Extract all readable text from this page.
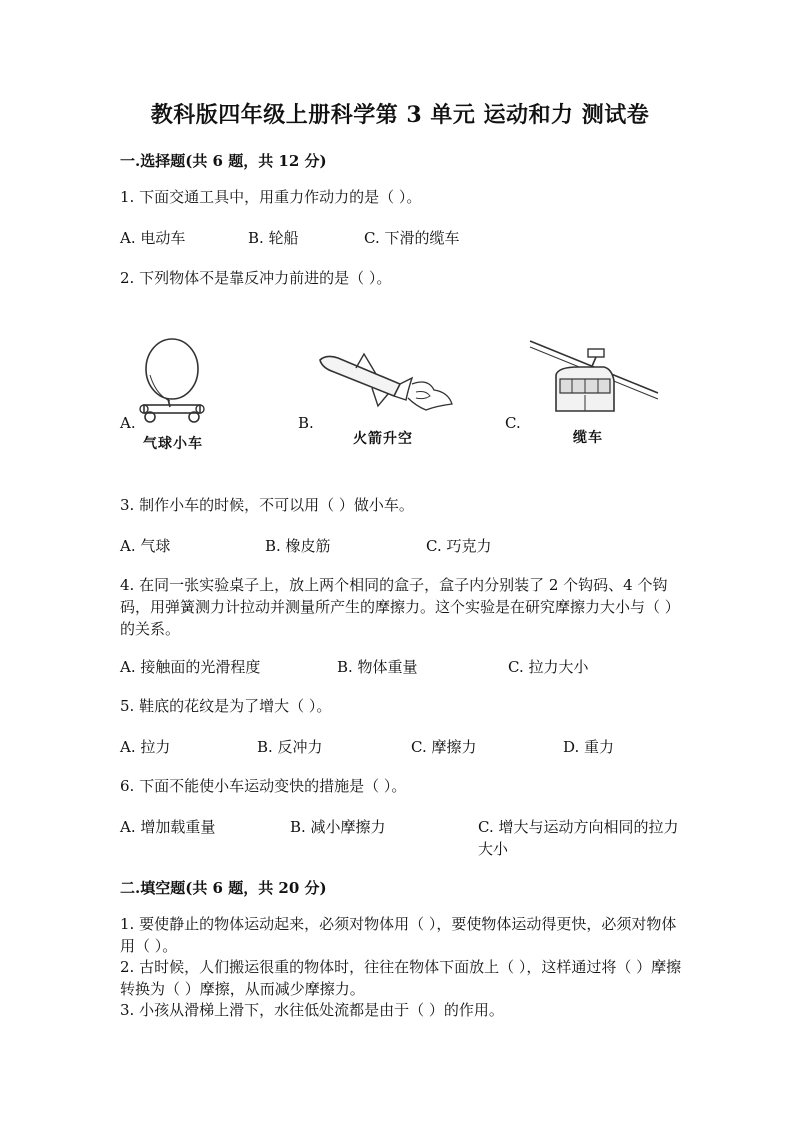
教科版四年级上册科学第 3 单元 运动和力 测试卷
一.选择题(共 6 题，共 12 分)
1. 下面交通工具中，用重力作动力的是（ ）。
A. 电动车	B. 轮船	C. 下滑的缆车
2. 下列物体不是靠反冲力前进的是（ ）。
A.
气球小车
B.
火箭升空
C.
缆车
3. 制作小车的时候，不可以用（ ）做小车。
A. 气球	B. 橡皮筋	C. 巧克力
4. 在同一张实验桌子上，放上两个相同的盒子，盒子内分别装了 2 个钩码、4 个钩码，用弹簧测力计拉动并测量所产生的摩擦力。这个实验是在研究摩擦力大小与（ ）的关系。
A. 接触面的光滑程度	B. 物体重量	C. 拉力大小
5. 鞋底的花纹是为了增大（ ）。
A. 拉力	B. 反冲力	C. 摩擦力	D. 重力
6. 下面不能使小车运动变快的措施是（ ）。
A. 增加载重量	B. 减小摩擦力	C. 增大与运动方向相同的拉力大小
二.填空题(共 6 题，共 20 分)
1. 要使静止的物体运动起来，必须对物体用（ ），要使物体运动得更快，必须对物体用（ ）。
2. 古时候，人们搬运很重的物体时，往往在物体下面放上（ ），这样通过将（ ）摩擦转换为（ ）摩擦，从而减少摩擦力。
3. 小孩从滑梯上滑下，水往低处流都是由于（ ）的作用。
